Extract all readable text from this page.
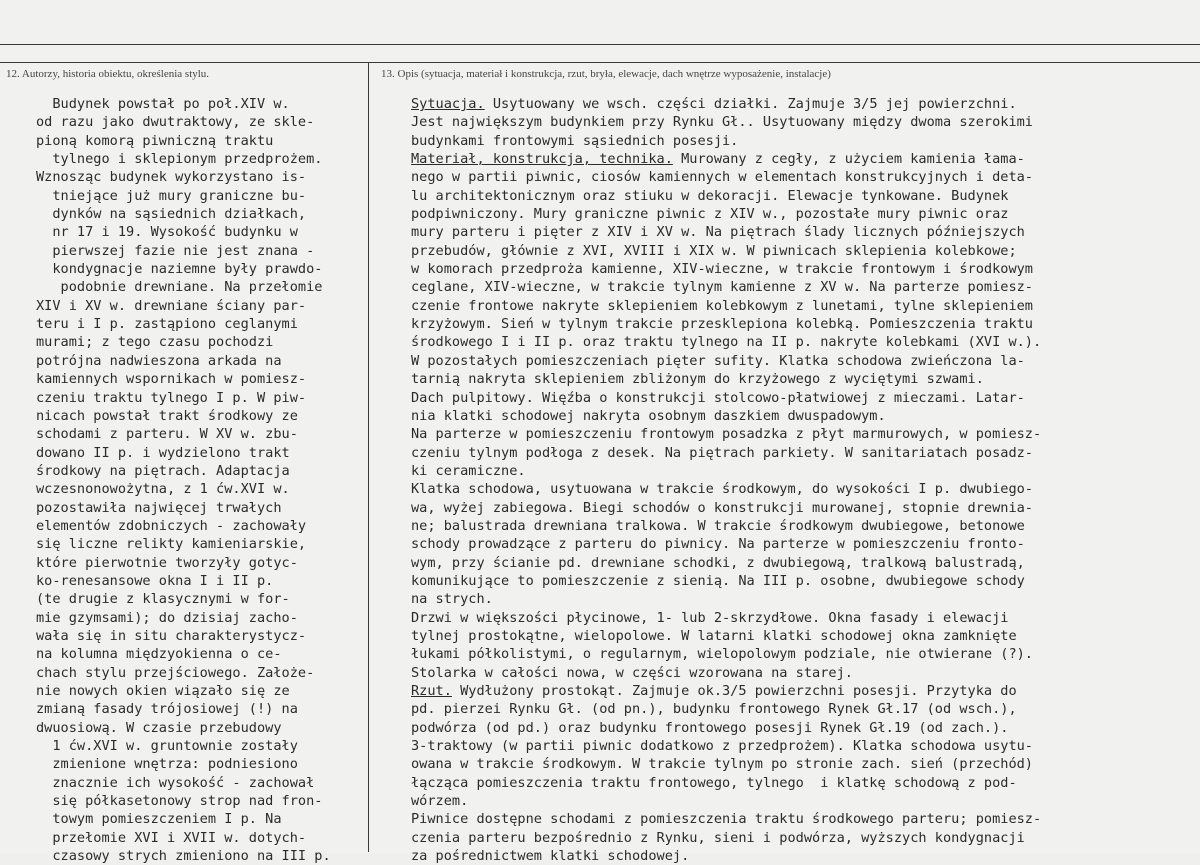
12. Autorzy, historia obiektu, określenia stylu.	13. Opis (sytuacja, materiał i konstrukcja, rzut, bryła, elewacje, dach wnętrze wyposażenie, instalacje)
Budynek powstał po poł.XIV w.
od razu jako dwutraktowy, ze skle-
pioną komorą piwniczną traktu
tylnego i sklepionym przedprożem.
Wznosząc budynek wykorzystano is-
tniejące już mury graniczne bu-
dynków na sąsiednich działkach,
nr 17 i 19. Wysokość budynku w
pierwszej fazie nie jest znana -
kondygnacje naziemne były prawdo-
podobnie drewniane. Na przełomie
XIV i XV w. drewniane ściany par-
teru i I p. zastąpiono ceglanymi
murami; z tego czasu pochodzi
potrójna nadwieszona arkada na
kamiennych wspornikach w pomiesz-
czeniu traktu tylnego I p. W piw-
nicach powstał trakt środkowy ze
schodami z parteru. W XV w. zbu-
dowano II p. i wydzielono trakt
środkowy na piętrach. Adaptacja
wczesnonowożytna, z 1 ćw.XVI w.
pozostawiła najwięcej trwałych
elementów zdobniczych - zachowały
się liczne relikty kamieniarskie,
które pierwotnie tworzyły gotyc-
ko-renesansowe okna I i II p.
(te drugie z klasycznymi w for-
mie gzymsami); do dzisiaj zacho-
wała się in situ charakterystycz-
na kolumna międzyokienna o ce-
chach stylu przejściowego. Założe-
nie nowych okien wiązało się ze
zmianą fasady trójosiowej (!) na
dwuosiową. W czasie przebudowy
1 ćw.XVI w. gruntownie zostały
zmienione wnętrza: podniesiono
znacznie ich wysokość - zachował
się półkasetonowy strop nad fron-
towym pomieszczeniem I p. Na
przełomie XVI i XVII w. dotych-
czasowy strych zmieniono na III p.
Sytuacja. Usytuowany we wsch. części działki. Zajmuje 3/5 jej powierzchni.
Jest największym budynkiem przy Rynku Gł.. Usytuowany między dwoma szerokimi
budynkami frontowymi sąsiednich posesji.
Materiał, konstrukcja, technika. Murowany z cegły, z użyciem kamienia łama-
nego w partii piwnic, ciosów kamiennych w elementach konstrukcyjnych i deta-
lu architektonicznym oraz stiuku w dekoracji. Elewacje tynkowane. Budynek
podpiwniczony. Mury graniczne piwnic z XIV w., pozostałe mury piwnic oraz
mury parteru i pięter z XIV i XV w. Na piętrach ślady licznych późniejszych
przebudów, głównie z XVI, XVIII i XIX w. W piwnicach sklepienia kolebkowe;
w komorach przedproża kamienne, XIV-wieczne, w trakcie frontowym i środkowym
ceglane, XIV-wieczne, w trakcie tylnym kamienne z XV w. Na parterze pomiesz-
czenie frontowe nakryte sklepieniem kolebkowym z lunetami, tylne sklepieniem
krzyżowym. Sień w tylnym trakcie przesklepiona kolebką. Pomieszczenia traktu
środkowego I i II p. oraz traktu tylnego na II p. nakryte kolebkami (XVI w.).
W pozostałych pomieszczeniach pięter sufity. Klatka schodowa zwieńczona la-
tarnią nakryta sklepieniem zbliżonym do krzyżowego z wyciętymi szwami.
Dach pulpitowy. Więźba o konstrukcji stolcowo-płatwiowej z mieczami. Latar-
nia klatki schodowej nakryta osobnym daszkiem dwuspadowym.
Na parterze w pomieszczeniu frontowym posadzka z płyt marmurowych, w pomiesz-
czeniu tylnym podłoga z desek. Na piętrach parkiety. W sanitariatach posadz-
ki ceramiczne.
Klatka schodowa, usytuowana w trakcie środkowym, do wysokości I p. dwubiego-
wa, wyżej zabiegowa. Biegi schodów o konstrukcji murowanej, stopnie drewnia-
ne; balustrada drewniana tralkowa. W trakcie środkowym dwubiegowe, betonowe
schody prowadzące z parteru do piwnicy. Na parterze w pomieszczeniu fronto-
wym, przy ścianie pd. drewniane schodki, z dwubiegową, tralkową balustradą,
komunikujące to pomieszczenie z sienią. Na III p. osobne, dwubiegowe schody
na strych.
Drzwi w większości płycinowe, 1- lub 2-skrzydłowe. Okna fasady i elewacji
tylnej prostokątne, wielopolowe. W latarni klatki schodowej okna zamknięte
łukami półkolistymi, o regularnym, wielopolowym podziale, nie otwierane (?).
Stolarka w całości nowa, w części wzorowana na starej.
Rzut. Wydłużony prostokąt. Zajmuje ok.3/5 powierzchni posesji. Przytyka do
pd. pierzei Rynku Gł. (od pn.), budynku frontowego Rynek Gł.17 (od wsch.),
podwórza (od pd.) oraz budynku frontowego posesji Rynek Gł.19 (od zach.).
3-traktowy (w partii piwnic dodatkowo z przedprożem). Klatka schodowa usytu-
owana w trakcie środkowym. W trakcie tylnym po stronie zach. sień (przechód)
łącząca pomieszczenia traktu frontowego, tylnego  i klatkę schodową z pod-
wórzem.
Piwnice dostępne schodami z pomieszczenia traktu środkowego parteru; pomiesz-
czenia parteru bezpośrednio z Rynku, sieni i podwórza, wyższych kondygnacji
za pośrednictwem klatki schodowej.
